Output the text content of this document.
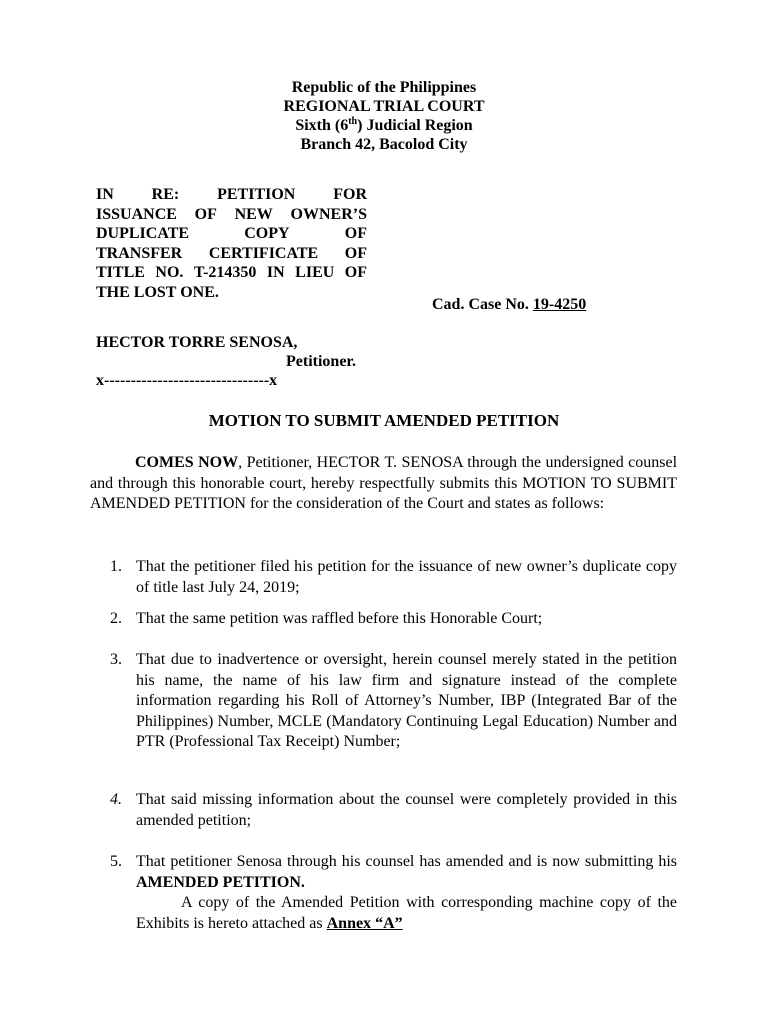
Republic of the Philippines
REGIONAL TRIAL COURT
Sixth (6th) Judicial Region
Branch 42, Bacolod City
IN RE: PETITION FOR
ISSUANCE OF NEW OWNER’S
DUPLICATE	COPY	OF
TRANSFER CERTIFICATE OF
TITLE NO. T-214350 IN LIEU OF
THE LOST ONE.
Cad. Case No. 19-4250
HECTOR TORRE SENOSA,
Petitioner.
x-------------------------------x
MOTION TO SUBMIT AMENDED PETITION
COMES NOW, Petitioner, HECTOR T. SENOSA through the undersigned counsel and through this honorable court, hereby respectfully submits this MOTION TO SUBMIT AMENDED PETITION for the consideration of the Court and states as follows:
1. That the petitioner filed his petition for the issuance of new owner’s duplicate copy of title last July 24, 2019;
2. That the same petition was raffled before this Honorable Court;
3. That due to inadvertence or oversight, herein counsel merely stated in the petition his name, the name of his law firm and signature instead of the complete information regarding his Roll of Attorney’s Number, IBP (Integrated Bar of the Philippines) Number, MCLE (Mandatory Continuing Legal Education) Number and PTR (Professional Tax Receipt) Number;
4. That said missing information about the counsel were completely provided in this amended petition;
5. That petitioner Senosa through his counsel has amended and is now submitting his AMENDED PETITION.
A copy of the Amended Petition with corresponding machine copy of the Exhibits is hereto attached as Annex “A”
